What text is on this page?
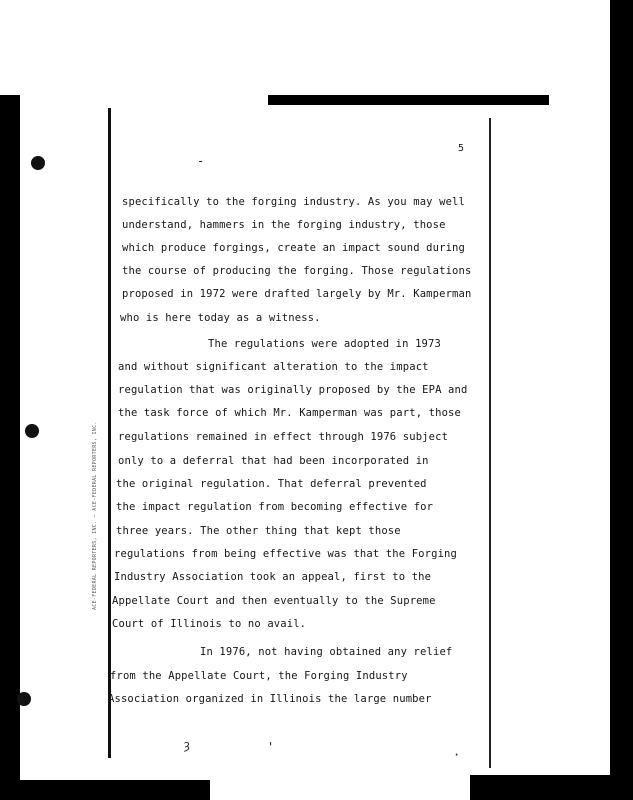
ACE-FEDERAL REPORTERS, INC. — ACE-FEDERAL REPORTERS, INC.
5
specifically to the forging industry. As you may well
understand, hammers in the forging industry, those
which produce forgings, create an impact sound during
the course of producing the forging. Those regulations
proposed in 1972 were drafted largely by Mr. Kamperman
who is here today as a witness.
The regulations were adopted in 1973
and without significant alteration to the impact
regulation that was originally proposed by the EPA and
the task force of which Mr. Kamperman was part, those
regulations remained in effect through 1976 subject
only to a deferral that had been incorporated in
the original regulation. That deferral prevented
the impact regulation from becoming effective for
three years. The other thing that kept those
regulations from being effective was that the Forging
Industry Association took an appeal, first to the
Appellate Court and then eventually to the Supreme
Court of Illinois to no avail.
In 1976, not having obtained any relief
from the Appellate Court, the Forging Industry
Association organized in Illinois the large number
ȝ
·
'
-
